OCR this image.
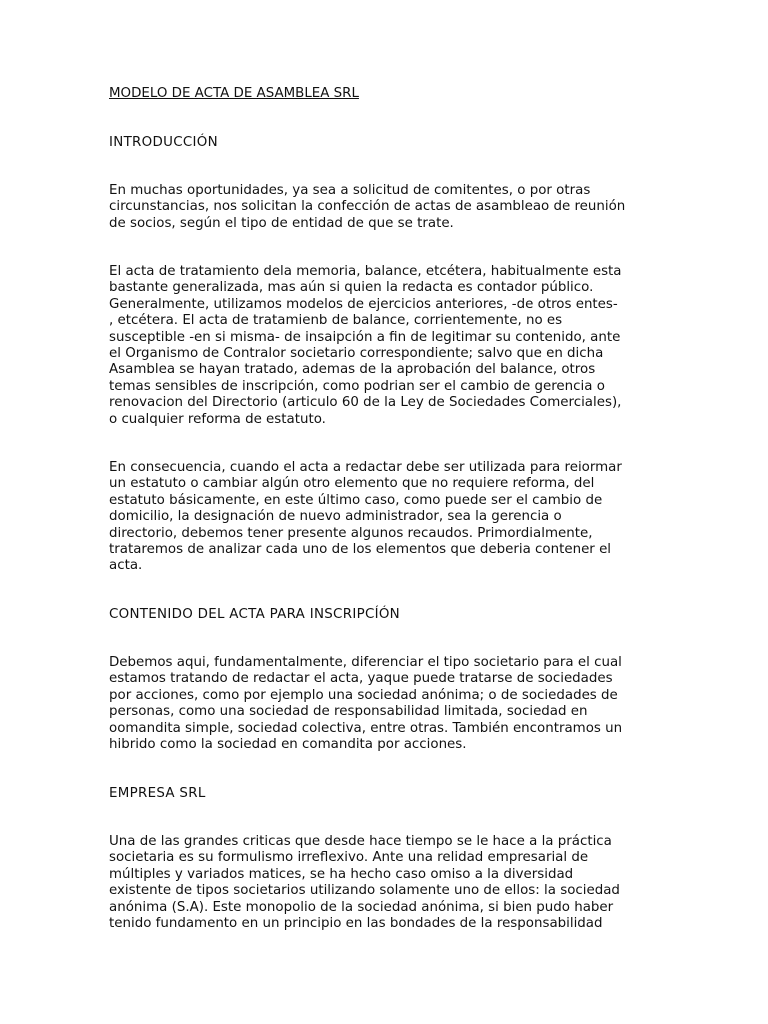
MODELO DE ACTA DE ASAMBLEA SRL
INTRODUCCIÓN
En muchas oportunidades, ya sea a solicitud de comitentes, o por otras
circunstancias, nos solicitan la confección de actas de asambleao de reunión
de socios, según el tipo de entidad de que se trate.
El acta de tratamiento dela memoria, balance, etcétera, habitualmente esta
bastante generalizada, mas aún si quien la redacta es contador público.
Generalmente, utilizamos modelos de ejercicios anteriores, -de otros entes-
, etcétera. El acta de tratamienb de balance, corrientemente, no es
susceptible -en si misma- de insaipción a fin de legitimar su contenido, ante
el Organismo de Contralor societario correspondiente; salvo que en dicha
Asamblea se hayan tratado, ademas de la aprobación del balance, otros
temas sensibles de inscripción, como podrian ser el cambio de gerencia o
renovacion del Directorio (articulo 60 de la Ley de Sociedades Comerciales),
o cualquier reforma de estatuto.
En consecuencia, cuando el acta a redactar debe ser utilizada para reiormar
un estatuto o cambiar algún otro elemento que no requiere reforma, del
estatuto básicamente, en este último caso, como puede ser el cambio de
domicilio, la designación de nuevo administrador, sea la gerencia o
directorio, debemos tener presente algunos recaudos. Primordialmente,
trataremos de analizar cada uno de los elementos que deberia contener el
acta.
CONTENIDO DEL ACTA PARA INSCRIPCÍÓN
Debemos aqui, fundamentalmente, diferenciar el tipo societario para el cual
estamos tratando de redactar el acta, yaque puede tratarse de sociedades
por acciones, como por ejemplo una sociedad anónima; o de sociedades de
personas, como una sociedad de responsabilidad limitada, sociedad en
oomandita simple, sociedad colectiva, entre otras. También encontramos un
hibrido como la sociedad en comandita por acciones.
EMPRESA SRL
Una de las grandes criticas que desde hace tiempo se le hace a la práctica
societaria es su formulismo irreflexivo. Ante una relidad empresarial de
múltiples y variados matices, se ha hecho caso omiso a la diversidad
existente de tipos societarios utilizando solamente uno de ellos: la sociedad
anónima (S.A). Este monopolio de la sociedad anónima, si bien pudo haber
tenido fundamento en un principio en las bondades de la responsabilidad
